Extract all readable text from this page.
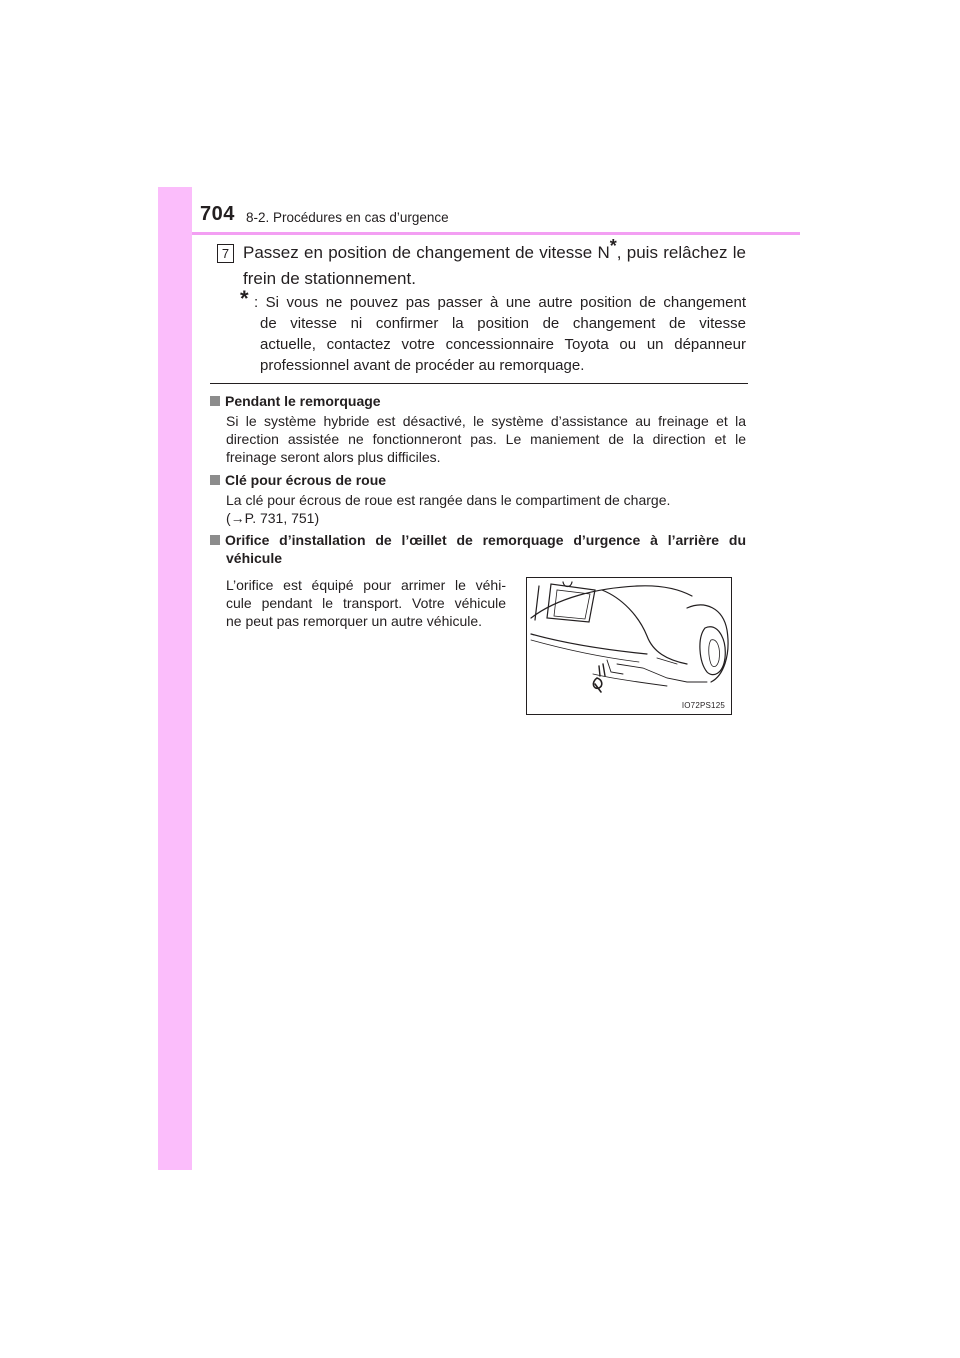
704 8-2. Procédures en cas d’urgence
7 Passez en position de changement de vitesse N*, puis relâchez le frein de stationnement.

* : Si vous ne pouvez pas passer à une autre position de changement
de vitesse ni confirmer la position de changement de vitesse
actuelle, contactez votre concessionnaire Toyota ou un dépanneur
professionnel avant de procéder au remorquage.

Pendant le remorquage

Si le système hybride est désactivé, le système d’assistance au freinage et la
direction assistée ne fonctionneront pas. Le maniement de la direction et le
freinage seront alors plus difficiles.

Clé pour écrous de roue

La clé pour écrous de roue est rangée dans le compartiment de charge.
(→P. 731, 751)

Orifice d’installation de l’œillet de remorquage d’urgence à l’arrière du
véhicule

L’orifice est équipé pour arrimer le véhi-
cule pendant le transport. Votre véhicule
ne peut pas remorquer un autre véhicule.

IO72PS125
